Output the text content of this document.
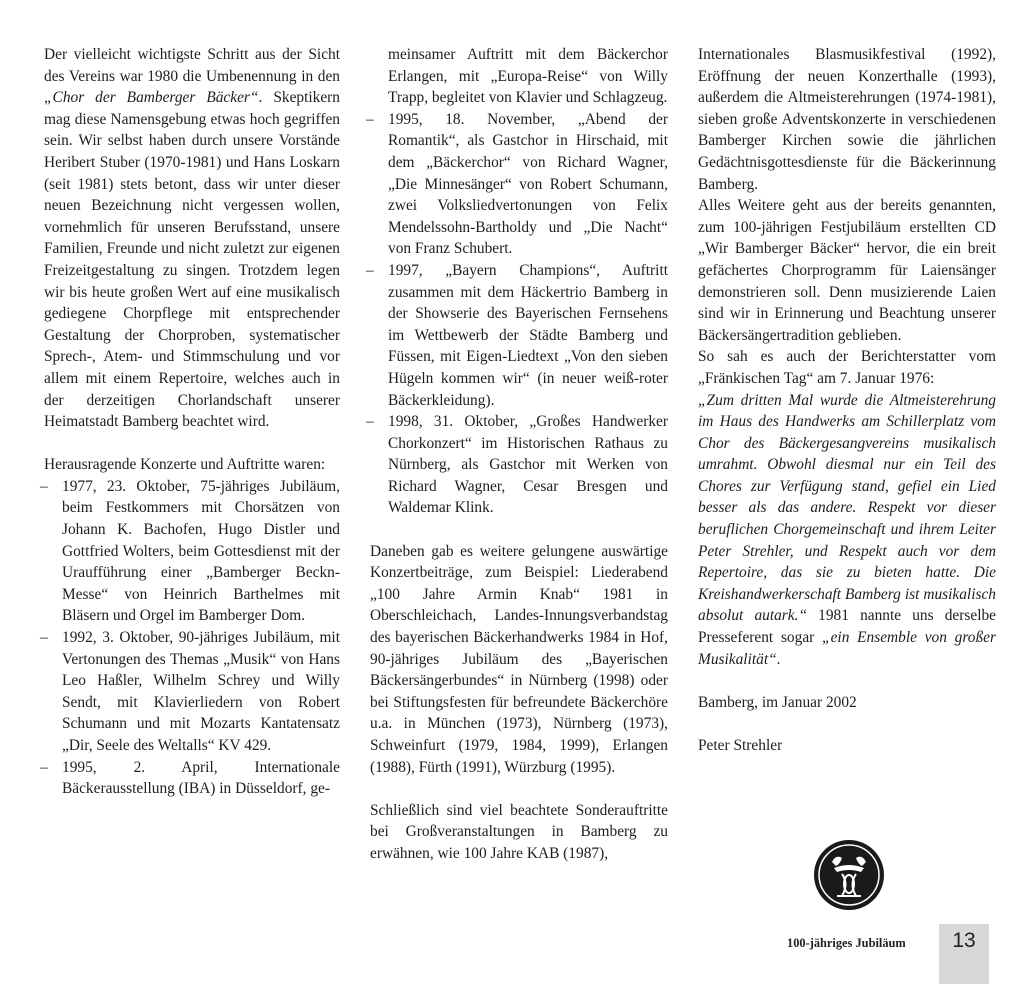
Der vielleicht wichtigste Schritt aus der Sicht des Vereins war 1980 die Umbenennung in den „Chor der Bamberger Bäcker“. Skeptikern mag diese Namensgebung etwas hoch gegriffen sein. Wir selbst haben durch unsere Vorstände Heribert Stuber (1970-1981) und Hans Loskarn (seit 1981) stets betont, dass wir unter dieser neuen Bezeichnung nicht vergessen wollen, vornehmlich für unseren Berufsstand, unsere Familien, Freunde und nicht zuletzt zur eigenen Freizeitgestaltung zu singen. Trotzdem legen wir bis heute großen Wert auf eine musikalisch gediegene Chorpflege mit entsprechender Gestaltung der Chorproben, systematischer Sprech-, Atem- und Stimmschulung und vor allem mit einem Repertoire, welches auch in der derzeitigen Chorlandschaft unserer Heimatstadt Bamberg beachtet wird.

Herausragende Konzerte und Auftritte waren:

– 1977, 23. Oktober, 75-jähriges Jubiläum, beim Festkommers mit Chorsätzen von Johann K. Bachofen, Hugo Distler und Gottfried Wolters, beim Gottesdienst mit der Uraufführung einer „Bamberger Beckn-Messe“ von Heinrich Barthelmes mit Bläsern und Orgel im Bamberger Dom.
– 1992, 3. Oktober, 90-jähriges Jubiläum, mit Vertonungen des Themas „Musik“ von Hans Leo Haßler, Wilhelm Schrey und Willy Sendt, mit Klavierliedern von Robert Schumann und mit Mozarts Kantatensatz „Dir, Seele des Weltalls“ KV 429.
– 1995, 2. April, Internationale Bäckerausstellung (IBA) in Düsseldorf, ge-

meinsamer Auftritt mit dem Bäckerchor Erlangen, mit „Europa-Reise“ von Willy Trapp, begleitet von Klavier und Schlagzeug.

– 1995, 18. November, „Abend der Romantik“, als Gastchor in Hirschaid, mit dem „Bäckerchor“ von Richard Wagner, „Die Minnesänger“ von Robert Schumann, zwei Volksliedvertonungen von Felix Mendelssohn-Bartholdy und „Die Nacht“ von Franz Schubert.
– 1997, „Bayern Champions“, Auftritt zusammen mit dem Häckertrio Bamberg in der Showserie des Bayerischen Fernsehens im Wettbewerb der Städte Bamberg und Füssen, mit Eigen-Liedtext „Von den sieben Hügeln kommen wir“ (in neuer weiß-roter Bäckerkleidung).
– 1998, 31. Oktober, „Großes Handwerker Chorkonzert“ im Historischen Rathaus zu Nürnberg, als Gastchor mit Werken von Richard Wagner, Cesar Bresgen und Waldemar Klink.

Daneben gab es weitere gelungene auswärtige Konzertbeiträge, zum Beispiel: Liederabend „100 Jahre Armin Knab“ 1981 in Oberschleichach, Landes-Innungsverbandstag des bayerischen Bäckerhandwerks 1984 in Hof, 90-jähriges Jubiläum des „Bayerischen Bäckersängerbundes“ in Nürnberg (1998) oder bei Stiftungsfesten für befreundete Bäckerchöre u.a. in München (1973), Nürnberg (1973), Schweinfurt (1979, 1984, 1999), Erlangen (1988), Fürth (1991), Würzburg (1995).

Schließlich sind viel beachtete Sonderauftritte bei Großveranstaltungen in Bamberg zu erwähnen, wie 100 Jahre KAB (1987),

Internationales Blasmusikfestival (1992), Eröffnung der neuen Konzerthalle (1993), außerdem die Altmeisterehrungen (1974-1981), sieben große Adventskonzerte in verschiedenen Bamberger Kirchen sowie die jährlichen Gedächtnisgottesdienste für die Bäckerinnung Bamberg.

Alles Weitere geht aus der bereits genannten, zum 100-jährigen Festjubiläum erstellten CD „Wir Bamberger Bäcker“ hervor, die ein breit gefächertes Chorprogramm für Laiensänger demonstrieren soll. Denn musizierende Laien sind wir in Erinnerung und Beachtung unserer Bäckersängertradition geblieben.

So sah es auch der Berichterstatter vom „Fränkischen Tag“ am 7. Januar 1976:

„Zum dritten Mal wurde die Altmeisterehrung im Haus des Handwerks am Schillerplatz vom Chor des Bäckergesangvereins musikalisch umrahmt. Obwohl diesmal nur ein Teil des Chores zur Verfügung stand, gefiel ein Lied besser als das andere. Respekt vor dieser beruflichen Chorgemeinschaft und ihrem Leiter Peter Strehler, und Respekt auch vor dem Repertoire, das sie zu bieten hatte. Die Kreishandwerkerschaft Bamberg ist musikalisch absolut autark.“ 1981 nannte uns derselbe Presseferent sogar „ein Ensemble von großer Musikalität“.

Bamberg, im Januar 2002

Peter Strehler

100-jähriges Jubiläum 13
